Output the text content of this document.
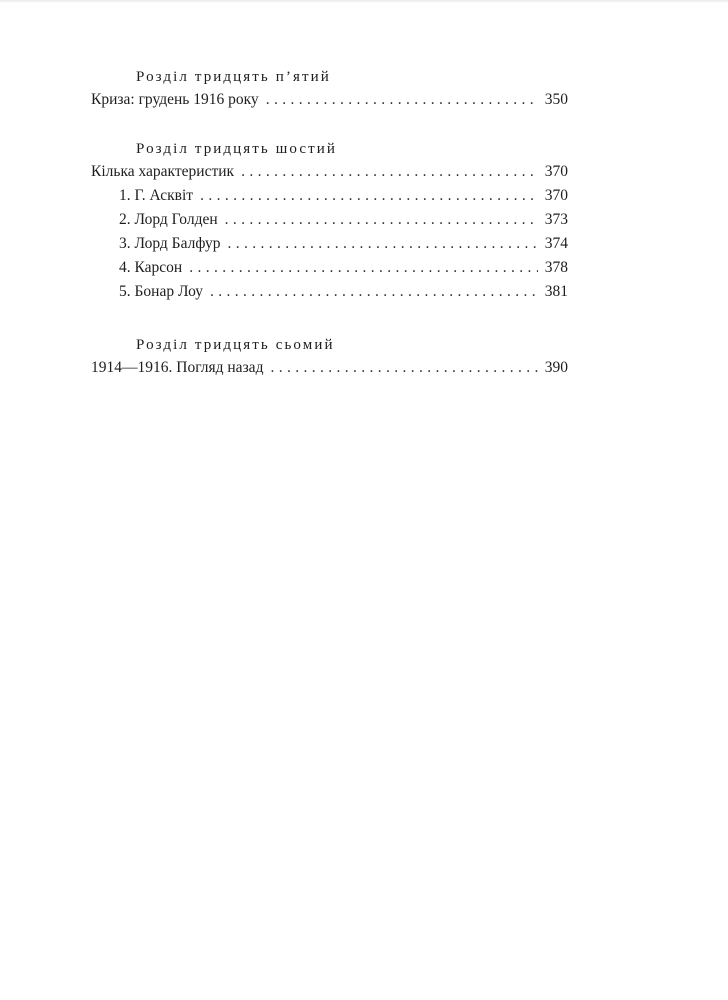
Розділ тридцять п’ятий
Криза: грудень 1916 року . . .	350
Розділ тридцять шостий
Кілька характеристик . . .	370
1. Г. Асквіт . . .	370
2. Лорд Голден . . .	373
3. Лорд Балфур . . .	374
4. Карсон . . .	378
5. Бонар Лоу . . .	381
Розділ тридцять сьомий
1914—1916. Погляд назад . . .	390
